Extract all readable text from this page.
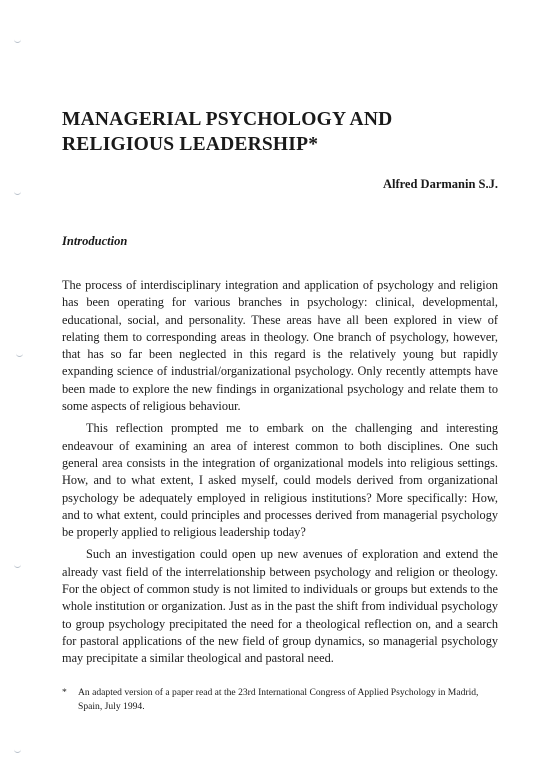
MANAGERIAL PSYCHOLOGY AND RELIGIOUS LEADERSHIP*

Alfred Darmanin S.J.

Introduction

The process of interdisciplinary integration and application of psychology and religion has been operating for various branches in psychology: clinical, developmental, educational, social, and personality. These areas have all been explored in view of relating them to corresponding areas in theology. One branch of psychology, however, that has so far been neglected in this regard is the relatively young but rapidly expanding science of industrial/organizational psychology. Only recently attempts have been made to explore the new findings in organizational psychology and relate them to some aspects of religious behaviour.

This reflection prompted me to embark on the challenging and interesting endeavour of examining an area of interest common to both disciplines. One such general area consists in the integration of organizational models into religious settings. How, and to what extent, I asked myself, could models derived from organizational psychology be adequately employed in religious institutions? More specifically: How, and to what extent, could principles and processes derived from managerial psychology be properly applied to religious leadership today?

Such an investigation could open up new avenues of exploration and extend the already vast field of the interrelationship between psychology and religion or theology. For the object of common study is not limited to individuals or groups but extends to the whole institution or organization. Just as in the past the shift from individual psychology to group psychology precipitated the need for a theological reflection on, and a search for pastoral applications of the new field of group dynamics, so managerial psychology may precipitate a similar theological and pastoral need.

*	An adapted version of a paper read at the 23rd International Congress of Applied Psychology in Madrid, Spain, July 1994.
